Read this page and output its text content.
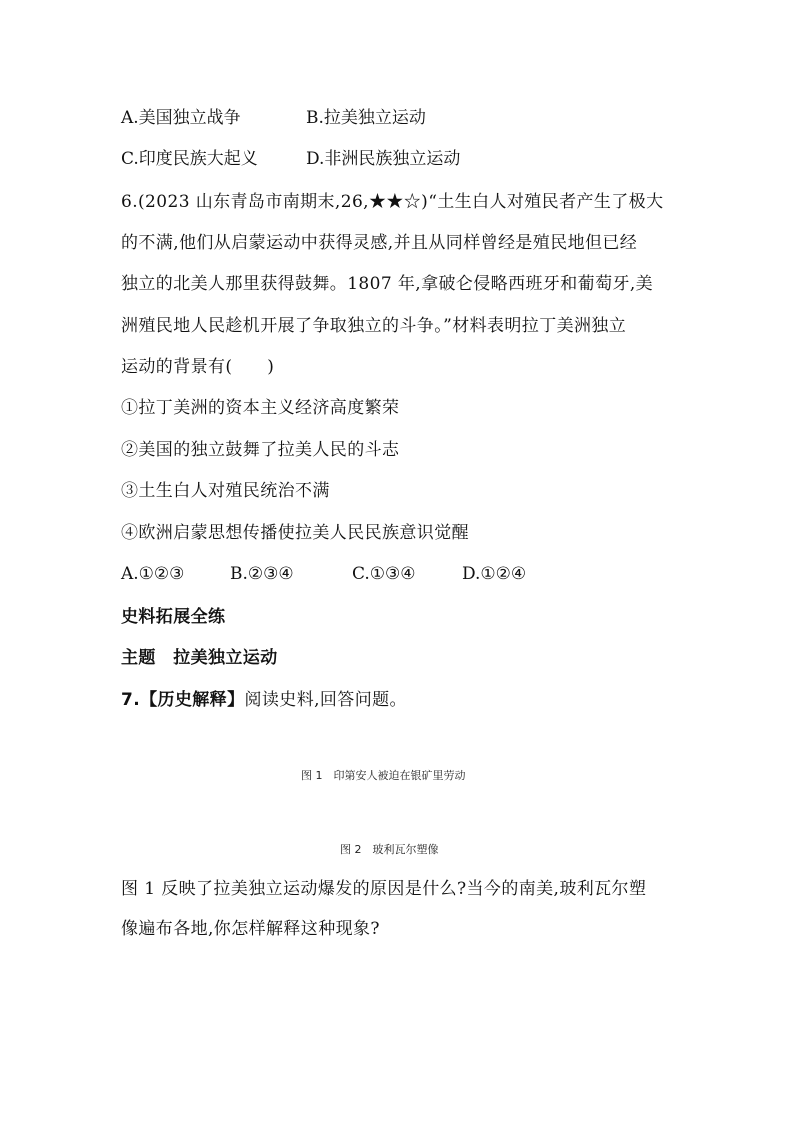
A.美国独立战争	B.拉美独立运动
C.印度民族大起义	D.非洲民族独立运动
6.(2023 山东青岛市南期末,26,★★☆)“土生白人对殖民者产生了极大
的不满,他们从启蒙运动中获得灵感,并且从同样曾经是殖民地但已经
独立的北美人那里获得鼓舞。1807 年,拿破仑侵略西班牙和葡萄牙,美
洲殖民地人民趁机开展了争取独立的斗争。”材料表明拉丁美洲独立
运动的背景有(　　)
①拉丁美洲的资本主义经济高度繁荣
②美国的独立鼓舞了拉美人民的斗志
③土生白人对殖民统治不满
④欧洲启蒙思想传播使拉美人民民族意识觉醒
A.①②③	B.②③④	C.①③④	D.①②④
史料拓展全练
主题　拉美独立运动
7.【历史解释】阅读史料,回答问题。
图 1　印第安人被迫在银矿里劳动
图 2　玻利瓦尔塑像
图 1 反映了拉美独立运动爆发的原因是什么?当今的南美,玻利瓦尔塑
像遍布各地,你怎样解释这种现象?
